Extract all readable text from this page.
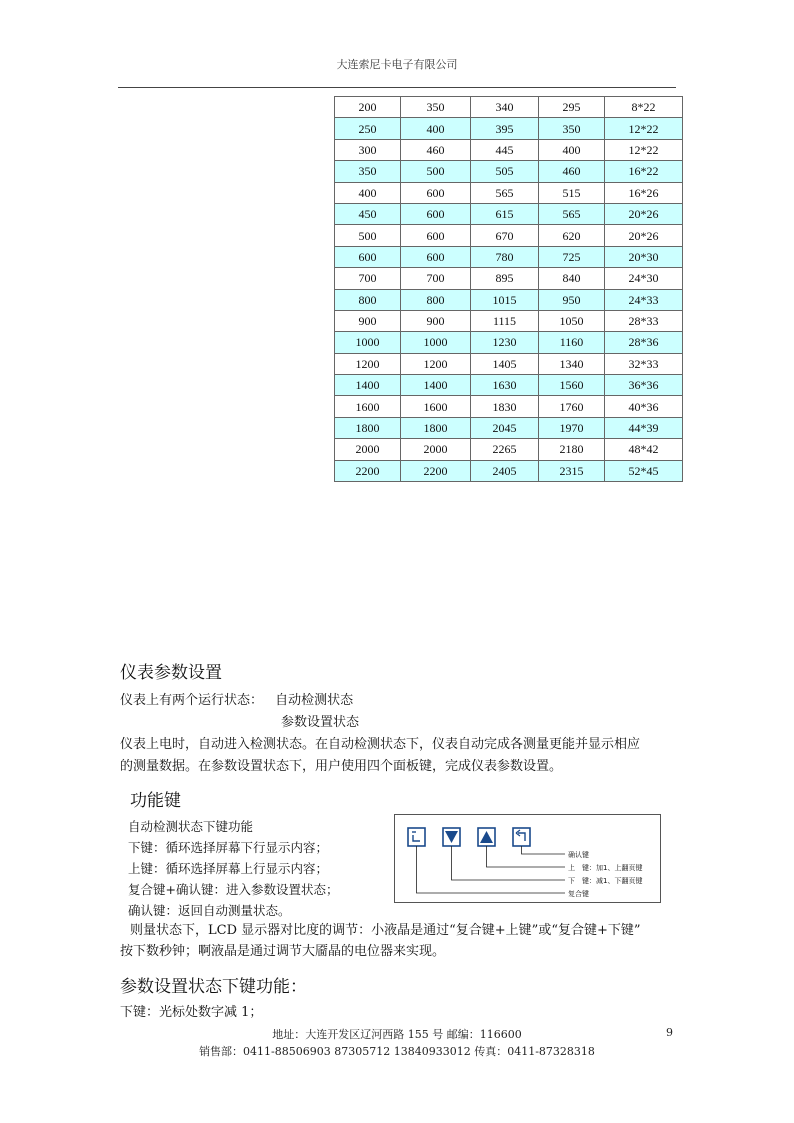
大连索尼卡电子有限公司
200	350	340	295	8*22
250	400	395	350	12*22
300	460	445	400	12*22
350	500	505	460	16*22
400	600	565	515	16*26
450	600	615	565	20*26
500	600	670	620	20*26
600	600	780	725	20*30
700	700	895	840	24*30
800	800	1015	950	24*33
900	900	1115	1050	28*33
1000	1000	1230	1160	28*36
1200	1200	1405	1340	32*33
1400	1400	1630	1560	36*36
1600	1600	1830	1760	40*36
1800	1800	2045	1970	44*39
2000	2000	2265	2180	48*42
2200	2200	2405	2315	52*45
仪表参数设置
仪表上有两个运行状态： 自动检测状态
参数设置状态
仪表上电时，自动进入检测状态。在自动检测状态下，仪表自动完成各测量更能并显示相应
的测量数据。在参数设置状态下，用户使用四个面板键，完成仪表参数设置。
功能键
自动检测状态下键功能
下键：循环选择屏幕下行显示内容；
上键：循环选择屏幕上行显示内容；
复合键+确认键：进入参数设置状态；
确认键：返回自动测量状态。
确认键
上　键：加1、上翻页键
下　键：减1、下翻页键
复合键
则量状态下，LCD 显示器对比度的调节：小液晶是通过“复合键+上键”或“复合键+下键”
按下数秒钟；啊液晶是通过调节大靥晶的电位器来实现。
参数设置状态下键功能：
下键：光标处数字减 1；
地址：大连开发区辽河西路 155 号 邮编：116600
销售部：0411-88506903 87305712 13840933012 传真：0411-87328318
9
